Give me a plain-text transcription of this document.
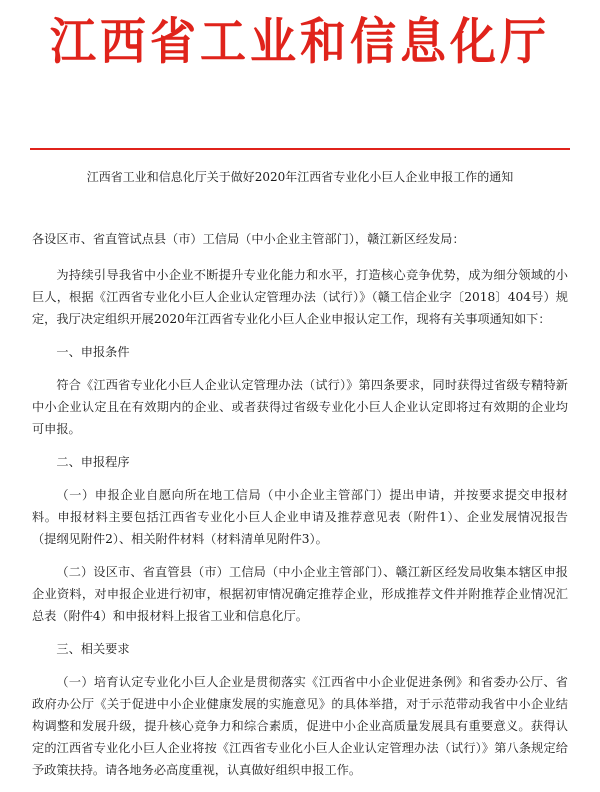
江西省工业和信息化厅
江西省工业和信息化厅关于做好2020年江西省专业化小巨人企业申报工作的通知

各设区市、省直管试点县（市）工信局（中小企业主管部门），赣江新区经发局：

为持续引导我省中小企业不断提升专业化能力和水平，打造核心竞争优势，成为细分领域的小巨人，根据《江西省专业化小巨人企业认定管理办法（试行）》（赣工信企业字〔2018〕404号）规定，我厅决定组织开展2020年江西省专业化小巨人企业申报认定工作，现将有关事项通知如下：

一、申报条件

符合《江西省专业化小巨人企业认定管理办法（试行）》第四条要求，同时获得过省级专精特新中小企业认定且在有效期内的企业、或者获得过省级专业化小巨人企业认定即将过有效期的企业均可申报。

二、申报程序

（一）申报企业自愿向所在地工信局（中小企业主管部门）提出申请，并按要求提交申报材料。申报材料主要包括江西省专业化小巨人企业申请及推荐意见表（附件1）、企业发展情况报告（提纲见附件2）、相关附件材料（材料清单见附件3）。

（二）设区市、省直管县（市）工信局（中小企业主管部门）、赣江新区经发局收集本辖区申报企业资料，对申报企业进行初审，根据初审情况确定推荐企业，形成推荐文件并附推荐企业情况汇总表（附件4）和申报材料上报省工业和信息化厅。

三、相关要求

（一）培育认定专业化小巨人企业是贯彻落实《江西省中小企业促进条例》和省委办公厅、省政府办公厅《关于促进中小企业健康发展的实施意见》的具体举措，对于示范带动我省中小企业结构调整和发展升级，提升核心竞争力和综合素质，促进中小企业高质量发展具有重要意义。获得认定的江西省专业化小巨人企业将按《江西省专业化小巨人企业认定管理办法（试行）》第八条规定给予政策扶持。请各地务必高度重视，认真做好组织申报工作。
